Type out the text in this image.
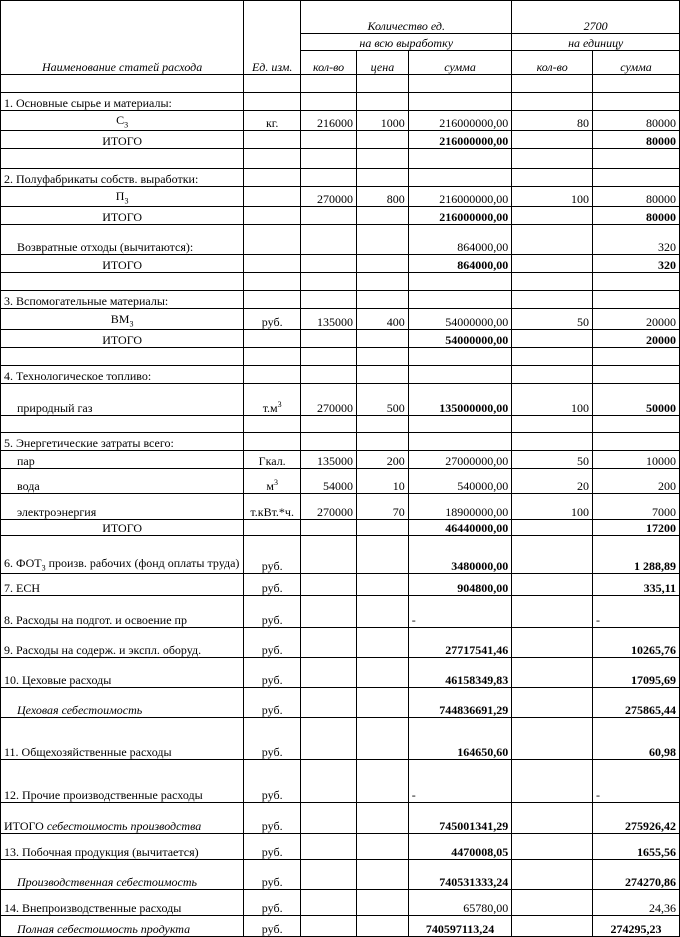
Наименование статей расхода	Ед. изм.	Количество ед.			2700	
		на всю выработку			на единицу	
		кол-во	цена	сумма	кол-во	сумма

1. Основные сырье и материалы:						
$С_3$	кг.	216000	1000	216000000,00	80	80000
ИТОГО				216000000,00		80000

2. Полуфабрикаты собств. выработки:						
$П_3$		270000	800	216000000,00	100	80000
ИТОГО				216000000,00		80000
Возвратные отходы (вычитаются):				864000,00		320
ИТОГО				864000,00		320

3. Вспомогательные материалы:						
$ВМ_3$	руб.	135000	400	54000000,00	50	20000
ИТОГО				54000000,00		20000

4. Технологическое топливо:						
природный газ	$т.м^3$	270000	500	135000000,00	100	50000

5. Энергетические затраты всего:						
пар	Гкал.	135000	200	27000000,00	50	10000
вода	$м^3$	54000	10	540000,00	20	200
электроэнергия	т.кВт.*ч.	270000	70	18900000,00	100	7000
ИТОГО				46440000,00		17200
6. $ФОТ_3$ произв. рабочих (фонд оплаты труда)	руб.			3480000,00		1 288,89
7. ЕСН	руб.			904800,00		335,11
8. Расходы на подгот. и освоение пр	руб.			-		-
9. Расходы на содерж. и экспл. оборуд.	руб.			27717541,46		10265,76
10. Цеховые расходы	руб.			46158349,83		17095,69
Цеховая себестоимость	руб.			744836691,29		275865,44
11. Общехозяйственные расходы	руб.			164650,60		60,98
12. Прочие производственные расходы	руб.			-		-
ИТОГО себестоимость производства	руб.			745001341,29		275926,42
13. Побочная продукция (вычитается)	руб.			4470008,05		1655,56
Производственная себестоимость	руб.			740531333,24		274270,86
14. Внепроизводственные расходы	руб.			65780,00		24,36
Полная себестоимость продукта	руб.			740597113,24		274295,23
